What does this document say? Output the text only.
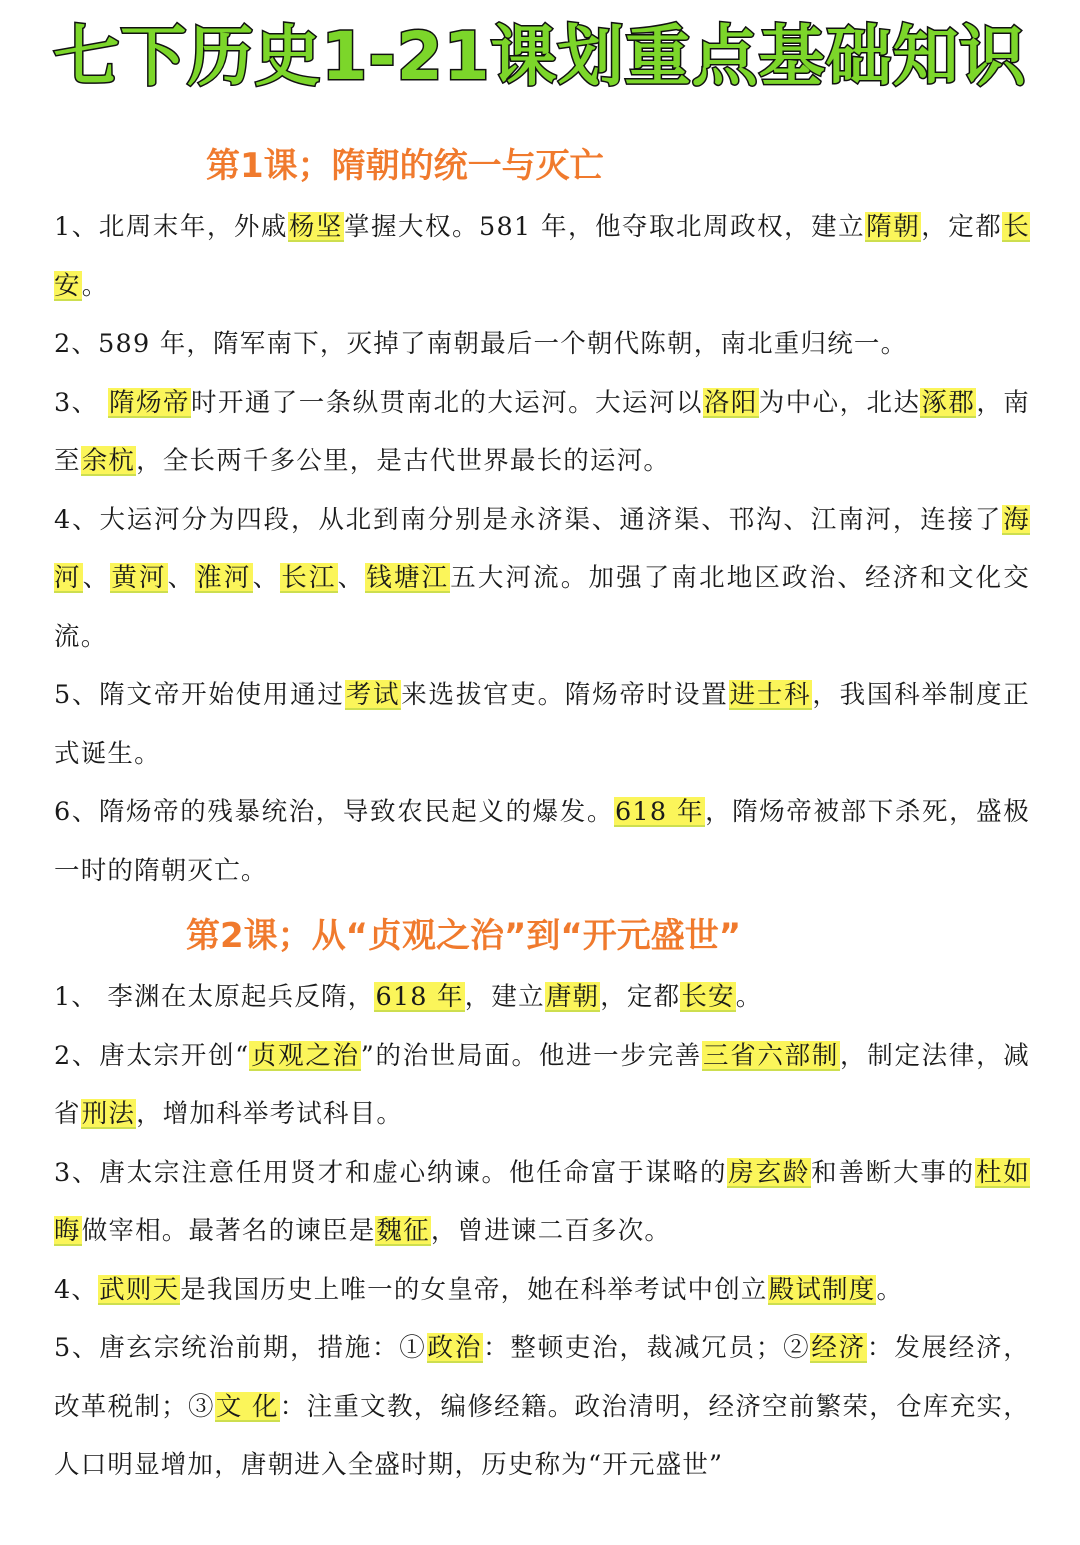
七下历史1-21课划重点基础知识
第1课；隋朝的统一与灭亡

1、北周末年，外戚杨坚掌握大权。581 年，他夺取北周政权，建立隋朝，定都长安。

2、589 年，隋军南下，灭掉了南朝最后一个朝代陈朝，南北重归统一。

3、 隋炀帝时开通了一条纵贯南北的大运河。大运河以洛阳为中心，北达涿郡，南至余杭，全长两千多公里，是古代世界最长的运河。

4、大运河分为四段，从北到南分别是永济渠、通济渠、邗沟、江南河，连接了海河、黄河、淮河、长江、钱塘江五大河流。加强了南北地区政治、经济和文化交流。

5、隋文帝开始使用通过考试来选拔官吏。隋炀帝时设置进士科，我国科举制度正式诞生。

6、隋炀帝的残暴统治，导致农民起义的爆发。618 年，隋炀帝被部下杀死，盛极一时的隋朝灭亡。

第2课；从“贞观之治”到“开元盛世”

1、 李渊在太原起兵反隋，618 年，建立唐朝，定都长安。

2、唐太宗开创“贞观之治”的治世局面。他进一步完善三省六部制，制定法律，减省刑法，增加科举考试科目。

3、唐太宗注意任用贤才和虚心纳谏。他任命富于谋略的房玄龄和善断大事的杜如晦做宰相。最著名的谏臣是魏征，曾进谏二百多次。

4、武则天是我国历史上唯一的女皇帝，她在科举考试中创立殿试制度。

5、唐玄宗统治前期，措施：①政治：整顿吏治，裁减冗员；②经济：发展经济，改革税制；③文 化：注重文教，编修经籍。政治清明，经济空前繁荣，仓库充实，人口明显增加，唐朝进入全盛时期，历史称为“开元盛世”
